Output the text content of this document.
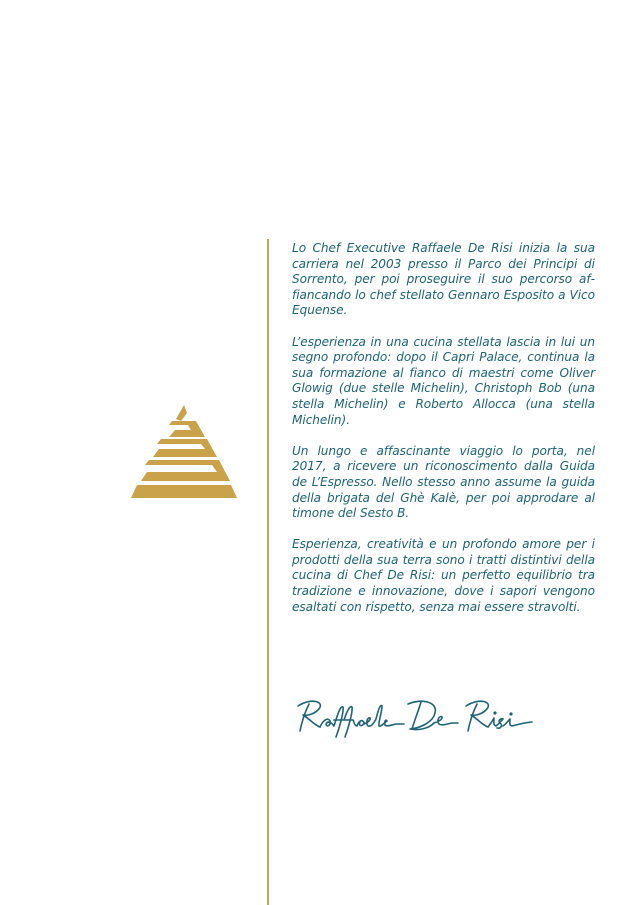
Lo Chef Executive Raffaele De Risi inizia la sua carriera nel 2003 presso il Parco dei Principi di Sorrento, per poi proseguire il suo percorso affiancando lo chef stellato Gennaro Esposito a Vico Equense.

L’esperienza in una cucina stellata lascia in lui un segno profondo: dopo il Capri Palace, continua la sua formazione al fianco di maestri come Oliver Glowig (due stelle Michelin), Christoph Bob (una stella Michelin) e Roberto Allocca (una stella Michelin).

Un lungo e affascinante viaggio lo porta, nel 2017, a ricevere un riconoscimento dalla Guida de L’Espresso. Nello stesso anno assume la guida della brigata del Ghè Kalè, per poi approdare al timone del Sesto B.

Esperienza, creatività e un profondo amore per i prodotti della sua terra sono i tratti distintivi della cucina di Chef De Risi: un perfetto equilibrio tra tradizione e innovazione, dove i sapori vengono esaltati con rispetto, senza mai essere stravolti.
